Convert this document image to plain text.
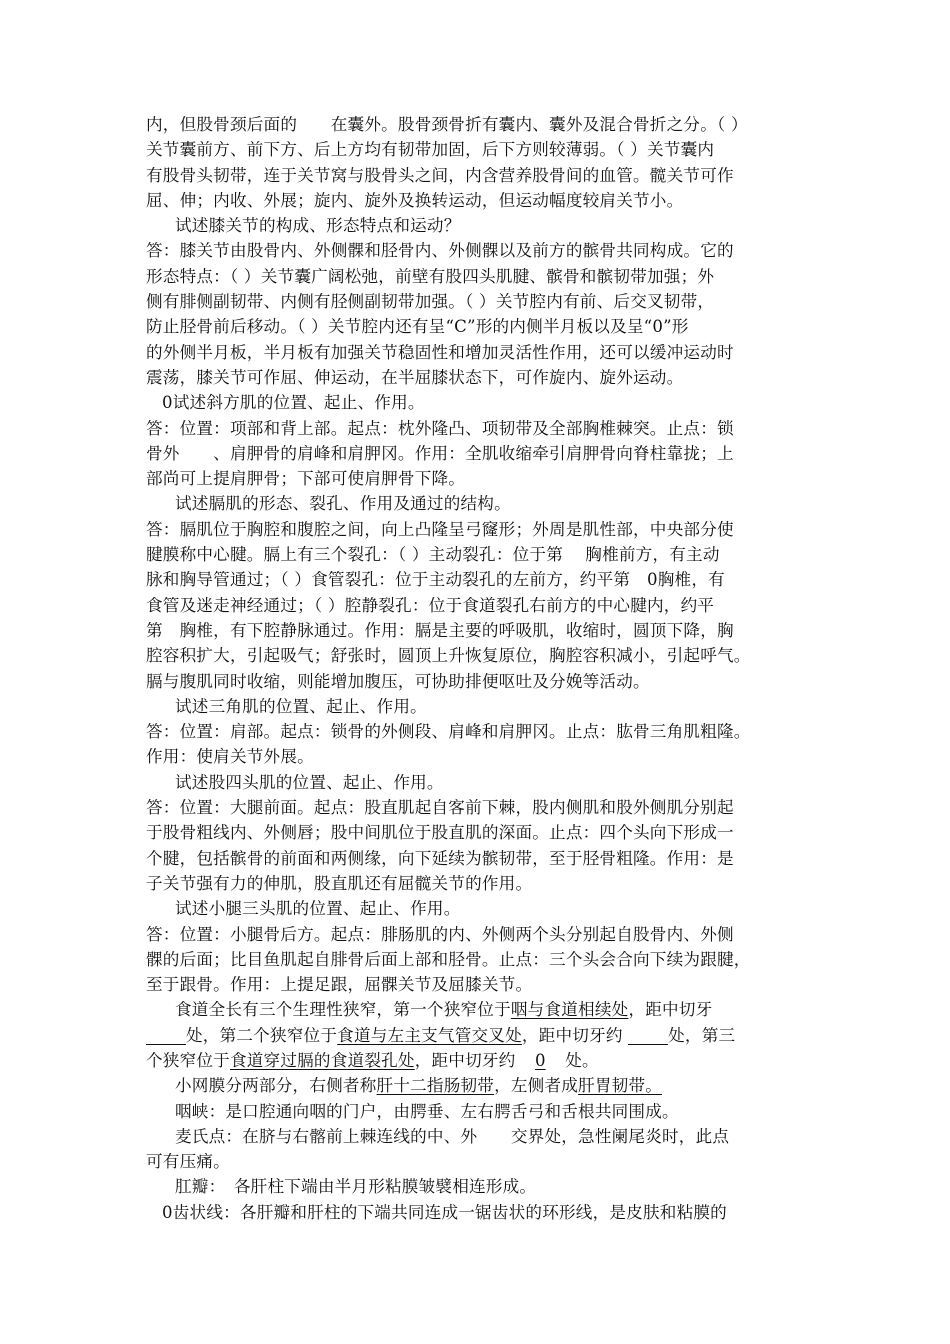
内，但股骨颈后面的　　在囊外。股骨颈骨折有囊内、囊外及混合骨折之分。（ ）
关节囊前方、前下方、后上方均有韧带加固，后下方则较薄弱。（ ）关节囊内
有股骨头韧带，连于关节窝与股骨头之间，内含营养股骨间的血管。髋关节可作
屈、伸；内收、外展；旋内、旋外及换转运动，但运动幅度较肩关节小。
试述膝关节的构成、形态特点和运动？
答：膝关节由股骨内、外侧髁和胫骨内、外侧髁以及前方的髌骨共同构成。它的
形态特点：（ ）关节囊广阔松弛，前壁有股四头肌腱、髌骨和髌韧带加强；外
侧有腓侧副韧带、内侧有胫侧副韧带加强。（ ）关节腔内有前、后交叉韧带，
防止胫骨前后移动。（ ）关节腔内还有呈“C”形的内侧半月板以及呈“0”形
的外侧半月板，半月板有加强关节稳固性和增加灵活性作用，还可以缓冲运动时
震荡，膝关节可作屈、伸运动，在半屈膝状态下，可作旋内、旋外运动。
0试述斜方肌的位置、起止、作用。
答：位置：项部和背上部。起点：枕外隆凸、项韧带及全部胸椎棘突。止点：锁
骨外　　、肩胛骨的肩峰和肩胛冈。作用：全肌收缩牵引肩胛骨向脊柱靠拢；上
部尚可上提肩胛骨；下部可使肩胛骨下降。
试述膈肌的形态、裂孔、作用及通过的结构。
答：膈肌位于胸腔和腹腔之间，向上凸隆呈弓窿形；外周是肌性部，中央部分使
腱膜称中心腱。膈上有三个裂孔：（ ）主动裂孔：位于第　 胸椎前方，有主动
脉和胸导管通过；（ ）食管裂孔：位于主动裂孔的左前方，约平第　0胸椎，有
食管及迷走神经通过；（ ）腔静裂孔：位于食道裂孔右前方的中心腱内，约平
第　胸椎，有下腔静脉通过。作用：膈是主要的呼吸肌，收缩时，圆顶下降，胸
腔容积扩大，引起吸气；舒张时，圆顶上升恢复原位，胸腔容积减小，引起呼气。
膈与腹肌同时收缩，则能增加腹压，可协助排便呕吐及分娩等活动。
试述三角肌的位置、起止、作用。
答：位置：肩部。起点：锁骨的外侧段、肩峰和肩胛冈。止点：肱骨三角肌粗隆。
作用：使肩关节外展。
试述股四头肌的位置、起止、作用。
答：位置：大腿前面。起点：股直肌起自客前下棘，股内侧肌和股外侧肌分别起
于股骨粗线内、外侧唇；股中间肌位于股直肌的深面。止点：四个头向下形成一
个腱，包括髌骨的前面和两侧缘，向下延续为髌韧带，至于胫骨粗隆。作用：是
子关节强有力的伸肌，股直肌还有屈髋关节的作用。
试述小腿三头肌的位置、起止、作用。
答：位置：小腿骨后方。起点：腓肠肌的内、外侧两个头分别起自股骨内、外侧
髁的后面；比目鱼肌起自腓骨后面上部和胫骨。止点：三个头会合向下续为跟腱，
至于跟骨。作用：上提足跟，屈髁关节及屈膝关节。
食道全长有三个生理性狭窄，第一个狭窄位于咽与食道相续处，距中切牙
处，第二个狭窄位于食道与左主支气管交叉处，距中切牙约	处，第三
个狭窄位于食道穿过膈的食道裂孔处，距中切牙约 0 处。
小网膜分两部分，右侧者称肝十二指肠韧带，左侧者成肝胃韧带。
咽峡：是口腔通向咽的门户，由腭垂、左右腭舌弓和舌根共同围成。
麦氏点：在脐与右髂前上棘连线的中、外　　交界处，急性阑尾炎时，此点
可有压痛。
肛瓣：　各肝柱下端由半月形粘膜皱襞相连形成。
0齿状线：各肝瓣和肝柱的下端共同连成一锯齿状的环形线，是皮肤和粘膜的
